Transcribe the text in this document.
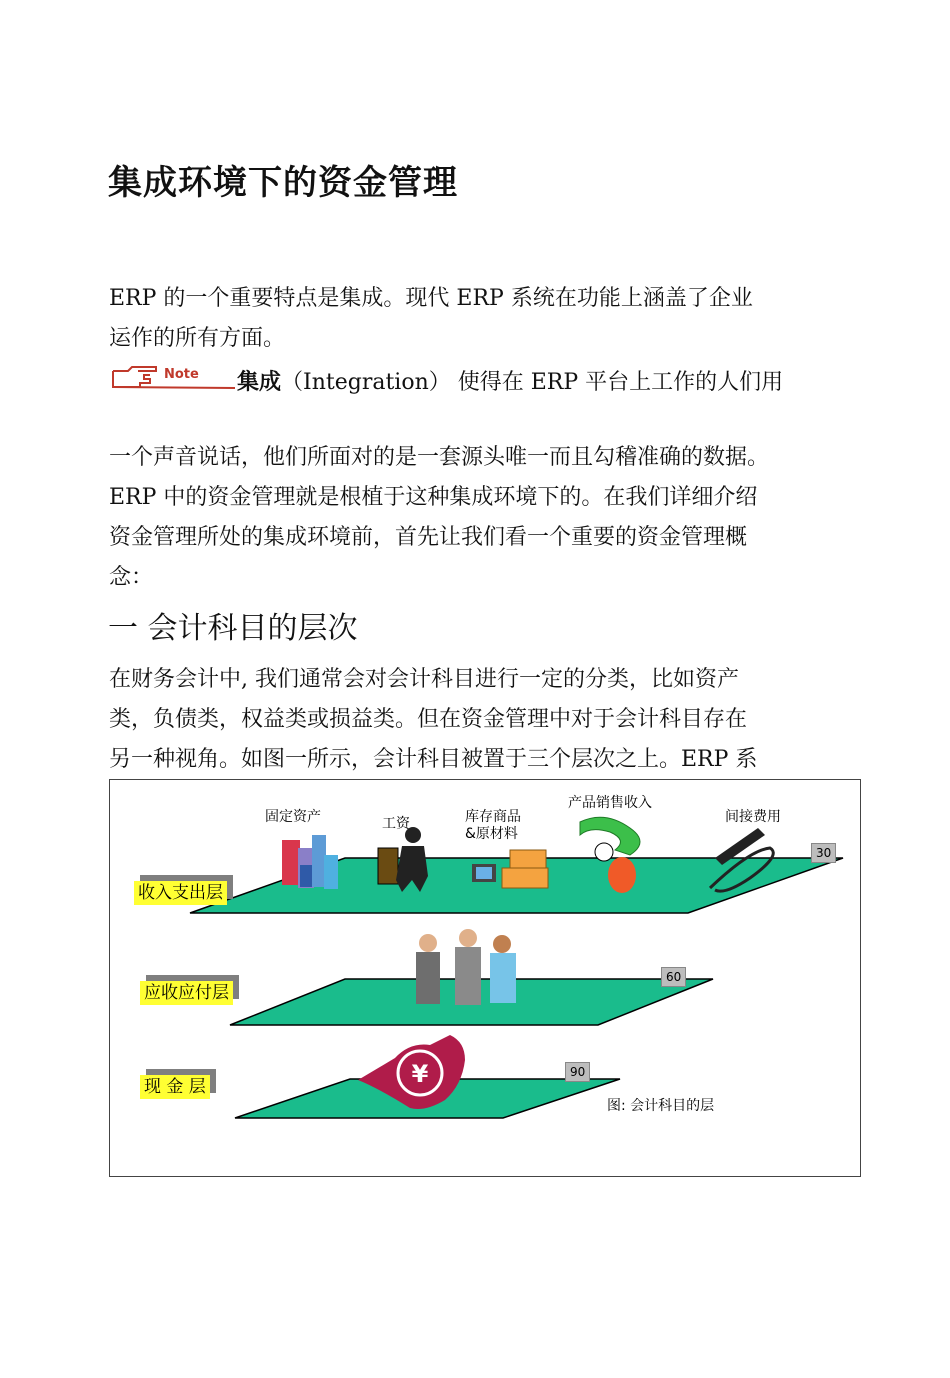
集成环境下的资金管理
ERP 的一个重要特点是集成。现代 ERP 系统在功能上涵盖了企业
运作的所有方面。
Note 集成（Integration） 使得在 ERP 平台上工作的人们用
一个声音说话，他们所面对的是一套源头唯一而且勾稽准确的数据。
ERP 中的资金管理就是根植于这种集成环境下的。在我们详细介绍
资金管理所处的集成环境前，首先让我们看一个重要的资金管理概
念：
一 会计科目的层次
在财务会计中, 我们通常会对会计科目进行一定的分类，比如资产
类，负债类，权益类或损益类。但在资金管理中对于会计科目存在
另一种视角。如图一所示，会计科目被置于三个层次之上。ERP 系
¥
固定资产	工资	库存商品
&原材料
产品销售收入
间接费用
收入支出层
应收应付层
现 金 层
30
60
90
图: 会计科目的层
